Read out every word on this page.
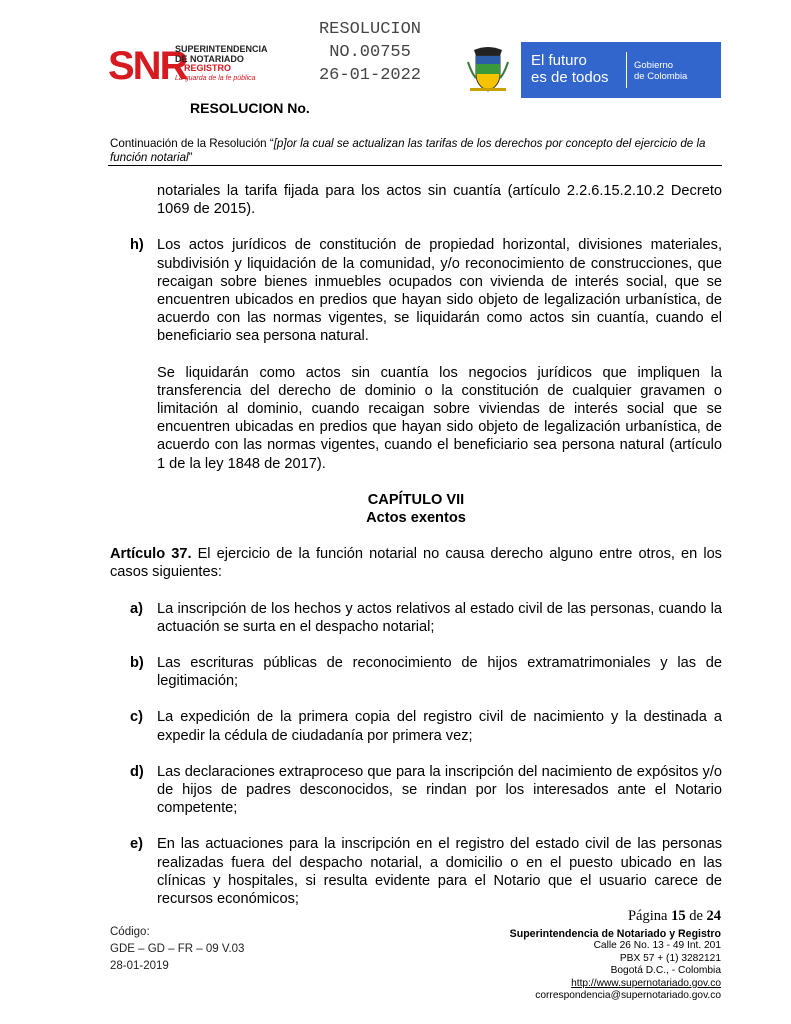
RESOLUCION
NO.00755
26-01-2022
SNR
SUPERINTENDENCIA
DE NOTARIADO
& REGISTRO
La guarda de la fe pública
RESOLUCION No.
El futuro
es de todos
Gobierno
de Colombia
Continuación de la Resolución “[p]or la cual se actualizan las tarifas de los derechos por concepto del ejercicio de la función notarial”

notariales la tarifa fijada para los actos sin cuantía (artículo 2.2.6.15.2.10.2 Decreto 1069 de 2015).

h) Los actos jurídicos de constitución de propiedad horizontal, divisiones materiales, subdivisión y liquidación de la comunidad, y/o reconocimiento de construcciones, que recaigan sobre bienes inmuebles ocupados con vivienda de interés social, que se encuentren ubicados en predios que hayan sido objeto de legalización urbanística, de acuerdo con las normas vigentes, se liquidarán como actos sin cuantía, cuando el beneficiario sea persona natural.

Se liquidarán como actos sin cuantía los negocios jurídicos que impliquen la transferencia del derecho de dominio o la constitución de cualquier gravamen o limitación al dominio, cuando recaigan sobre viviendas de interés social que se encuentren ubicadas en predios que hayan sido objeto de legalización urbanística, de acuerdo con las normas vigentes, cuando el beneficiario sea persona natural (artículo 1 de la ley 1848 de 2017).

CAPÍTULO VII
Actos exentos

Artículo 37. El ejercicio de la función notarial no causa derecho alguno entre otros, en los casos siguientes:

a) La inscripción de los hechos y actos relativos al estado civil de las personas, cuando la actuación se surta en el despacho notarial;
b) Las escrituras públicas de reconocimiento de hijos extramatrimoniales y las de legitimación;
c) La expedición de la primera copia del registro civil de nacimiento y la destinada a expedir la cédula de ciudadanía por primera vez;
d) Las declaraciones extraproceso que para la inscripción del nacimiento de expósitos y/o de hijos de padres desconocidos, se rindan por los interesados ante el Notario competente;
e) En las actuaciones para la inscripción en el registro del estado civil de las personas realizadas fuera del despacho notarial, a domicilio o en el puesto ubicado en las clínicas y hospitales, si resulta evidente para el Notario que el usuario carece de recursos económicos;
Código:
GDE – GD – FR – 09 V.03
28-01-2019
Página 15 de 24
Superintendencia de Notariado y Registro
Calle 26 No. 13 - 49 Int. 201
PBX 57 + (1) 3282121
Bogotá D.C., - Colombia
http://www.supernotariado.gov.co
correspondencia@supernotariado.gov.co
